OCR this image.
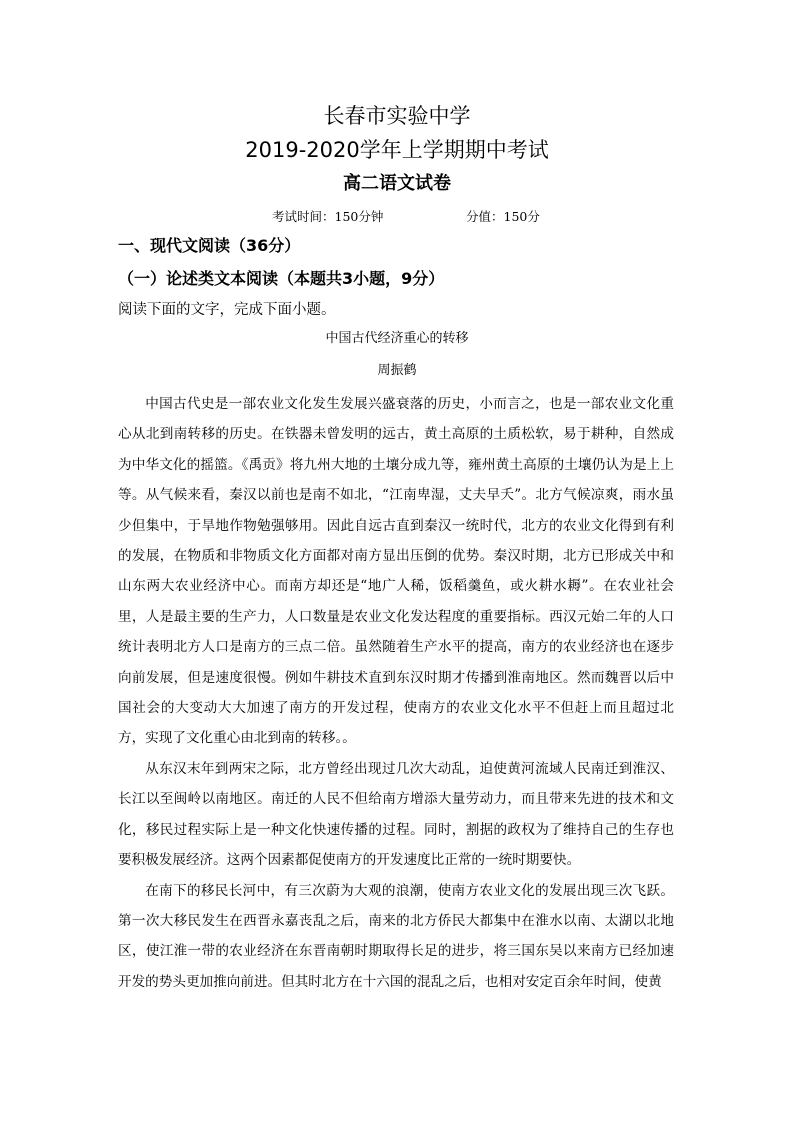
长春市实验中学
2019-2020学年上学期期中考试
高二语文试卷
考试时间：150分钟	分值：150分
一、现代文阅读（36分）
（一）论述类文本阅读（本题共3小题，9分）
阅读下面的文字，完成下面小题。
中国古代经济重心的转移
周振鹤

中国古代史是一部农业文化发生发展兴盛衰落的历史，小而言之，也是一部农业文化重心从北到南转移的历史。在铁器未曾发明的远古，黄土高原的土质松软，易于耕种，自然成为中华文化的摇篮。《禹贡》将九州大地的土壤分成九等，雍州黄土高原的土壤仍认为是上上等。从气候来看，秦汉以前也是南不如北，“江南卑湿，丈夫早夭”。北方气候凉爽，雨水虽少但集中，于旱地作物勉强够用。因此自远古直到秦汉一统时代，北方的农业文化得到有利的发展，在物质和非物质文化方面都对南方显出压倒的优势。秦汉时期，北方已形成关中和山东两大农业经济中心。而南方却还是“地广人稀，饭稻羹鱼，或火耕水耨”。在农业社会里，人是最主要的生产力，人口数量是农业文化发达程度的重要指标。西汉元始二年的人口统计表明北方人口是南方的三点二倍。虽然随着生产水平的提高，南方的农业经济也在逐步向前发展，但是速度很慢。例如牛耕技术直到东汉时期才传播到淮南地区。然而魏晋以后中国社会的大变动大大加速了南方的开发过程，使南方的农业文化水平不但赶上而且超过北方，实现了文化重心由北到南的转移。。

从东汉末年到两宋之际，北方曾经出现过几次大动乱，迫使黄河流域人民南迁到淮汉、长江以至闽岭以南地区。南迁的人民不但给南方增添大量劳动力，而且带来先进的技术和文化，移民过程实际上是一种文化快速传播的过程。同时，割据的政权为了维持自己的生存也要积极发展经济。这两个因素都促使南方的开发速度比正常的一统时期要快。

在南下的移民长河中，有三次蔚为大观的浪潮，使南方农业文化的发展出现三次飞跃。第一次大移民发生在西晋永嘉丧乱之后，南来的北方侨民大都集中在淮水以南、太湖以北地区，使江淮一带的农业经济在东晋南朝时期取得长足的进步，将三国东吴以来南方已经加速开发的势头更加推向前进。但其时北方在十六国的混乱之后，也相对安定百余年时间，使黄
